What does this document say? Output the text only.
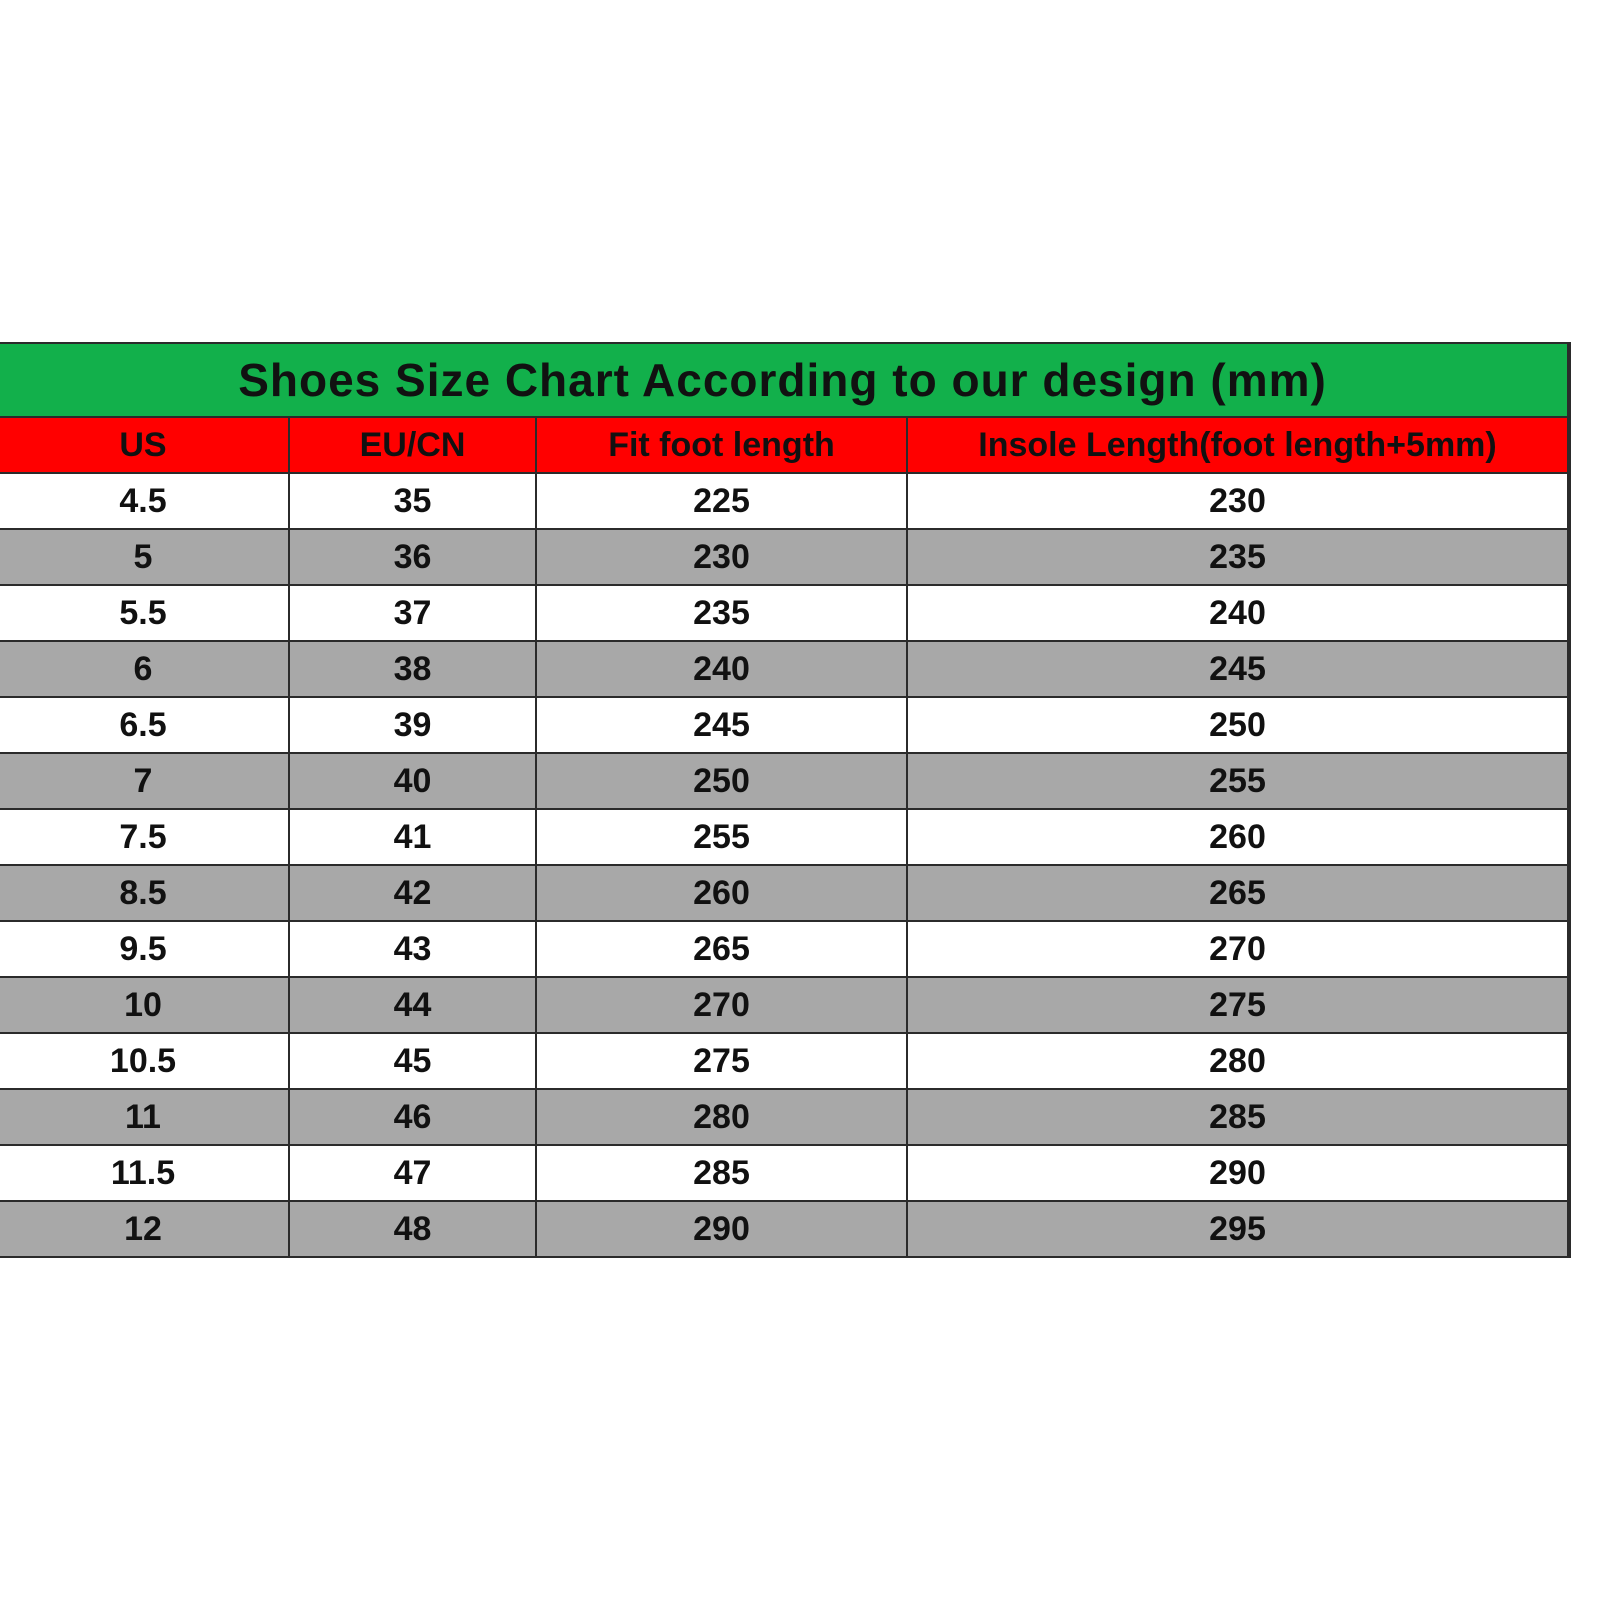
Shoes Size Chart According to our design (mm)			
US	EU/CN	Fit foot length	Insole Length(foot length+5mm)
4.5	35	225	230
5	36	230	235
5.5	37	235	240
6	38	240	245
6.5	39	245	250
7	40	250	255
7.5	41	255	260
8.5	42	260	265
9.5	43	265	270
10	44	270	275
10.5	45	275	280
11	46	280	285
11.5	47	285	290
12	48	290	295
